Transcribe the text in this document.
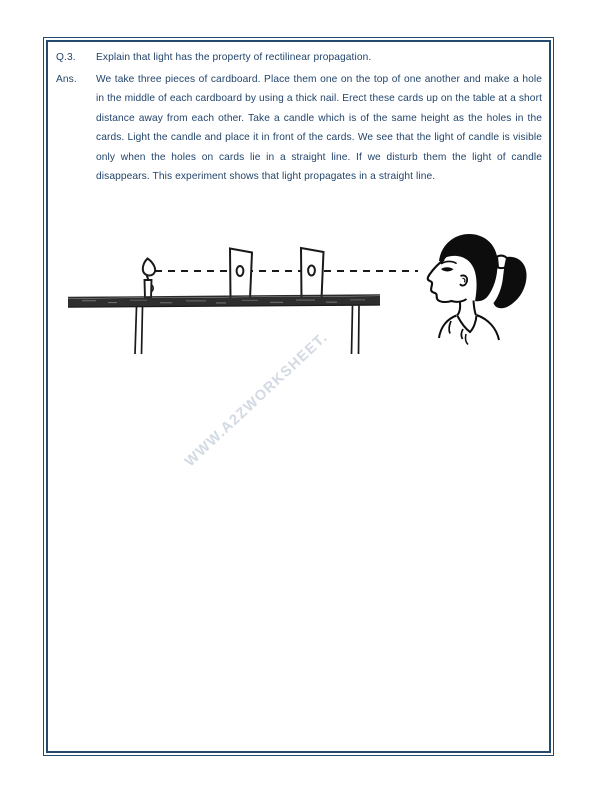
Q.3.	Explain that light has the property of rectilinear propagation.
Ans.	We take three pieces of cardboard. Place them one on the top of one another and make a hole in the middle of each cardboard by using a thick nail. Erect these cards up on the table at a short distance away from each other. Take a candle which is of the same height as the holes in the cards. Light the candle and place it in front of the cards. We see that the light of candle is visible only when the holes on cards lie in a straight line. If we disturb them the light of candle disappears. This experiment shows that light propagates in a straight line.
WWW.A2ZWORKSHEET.
